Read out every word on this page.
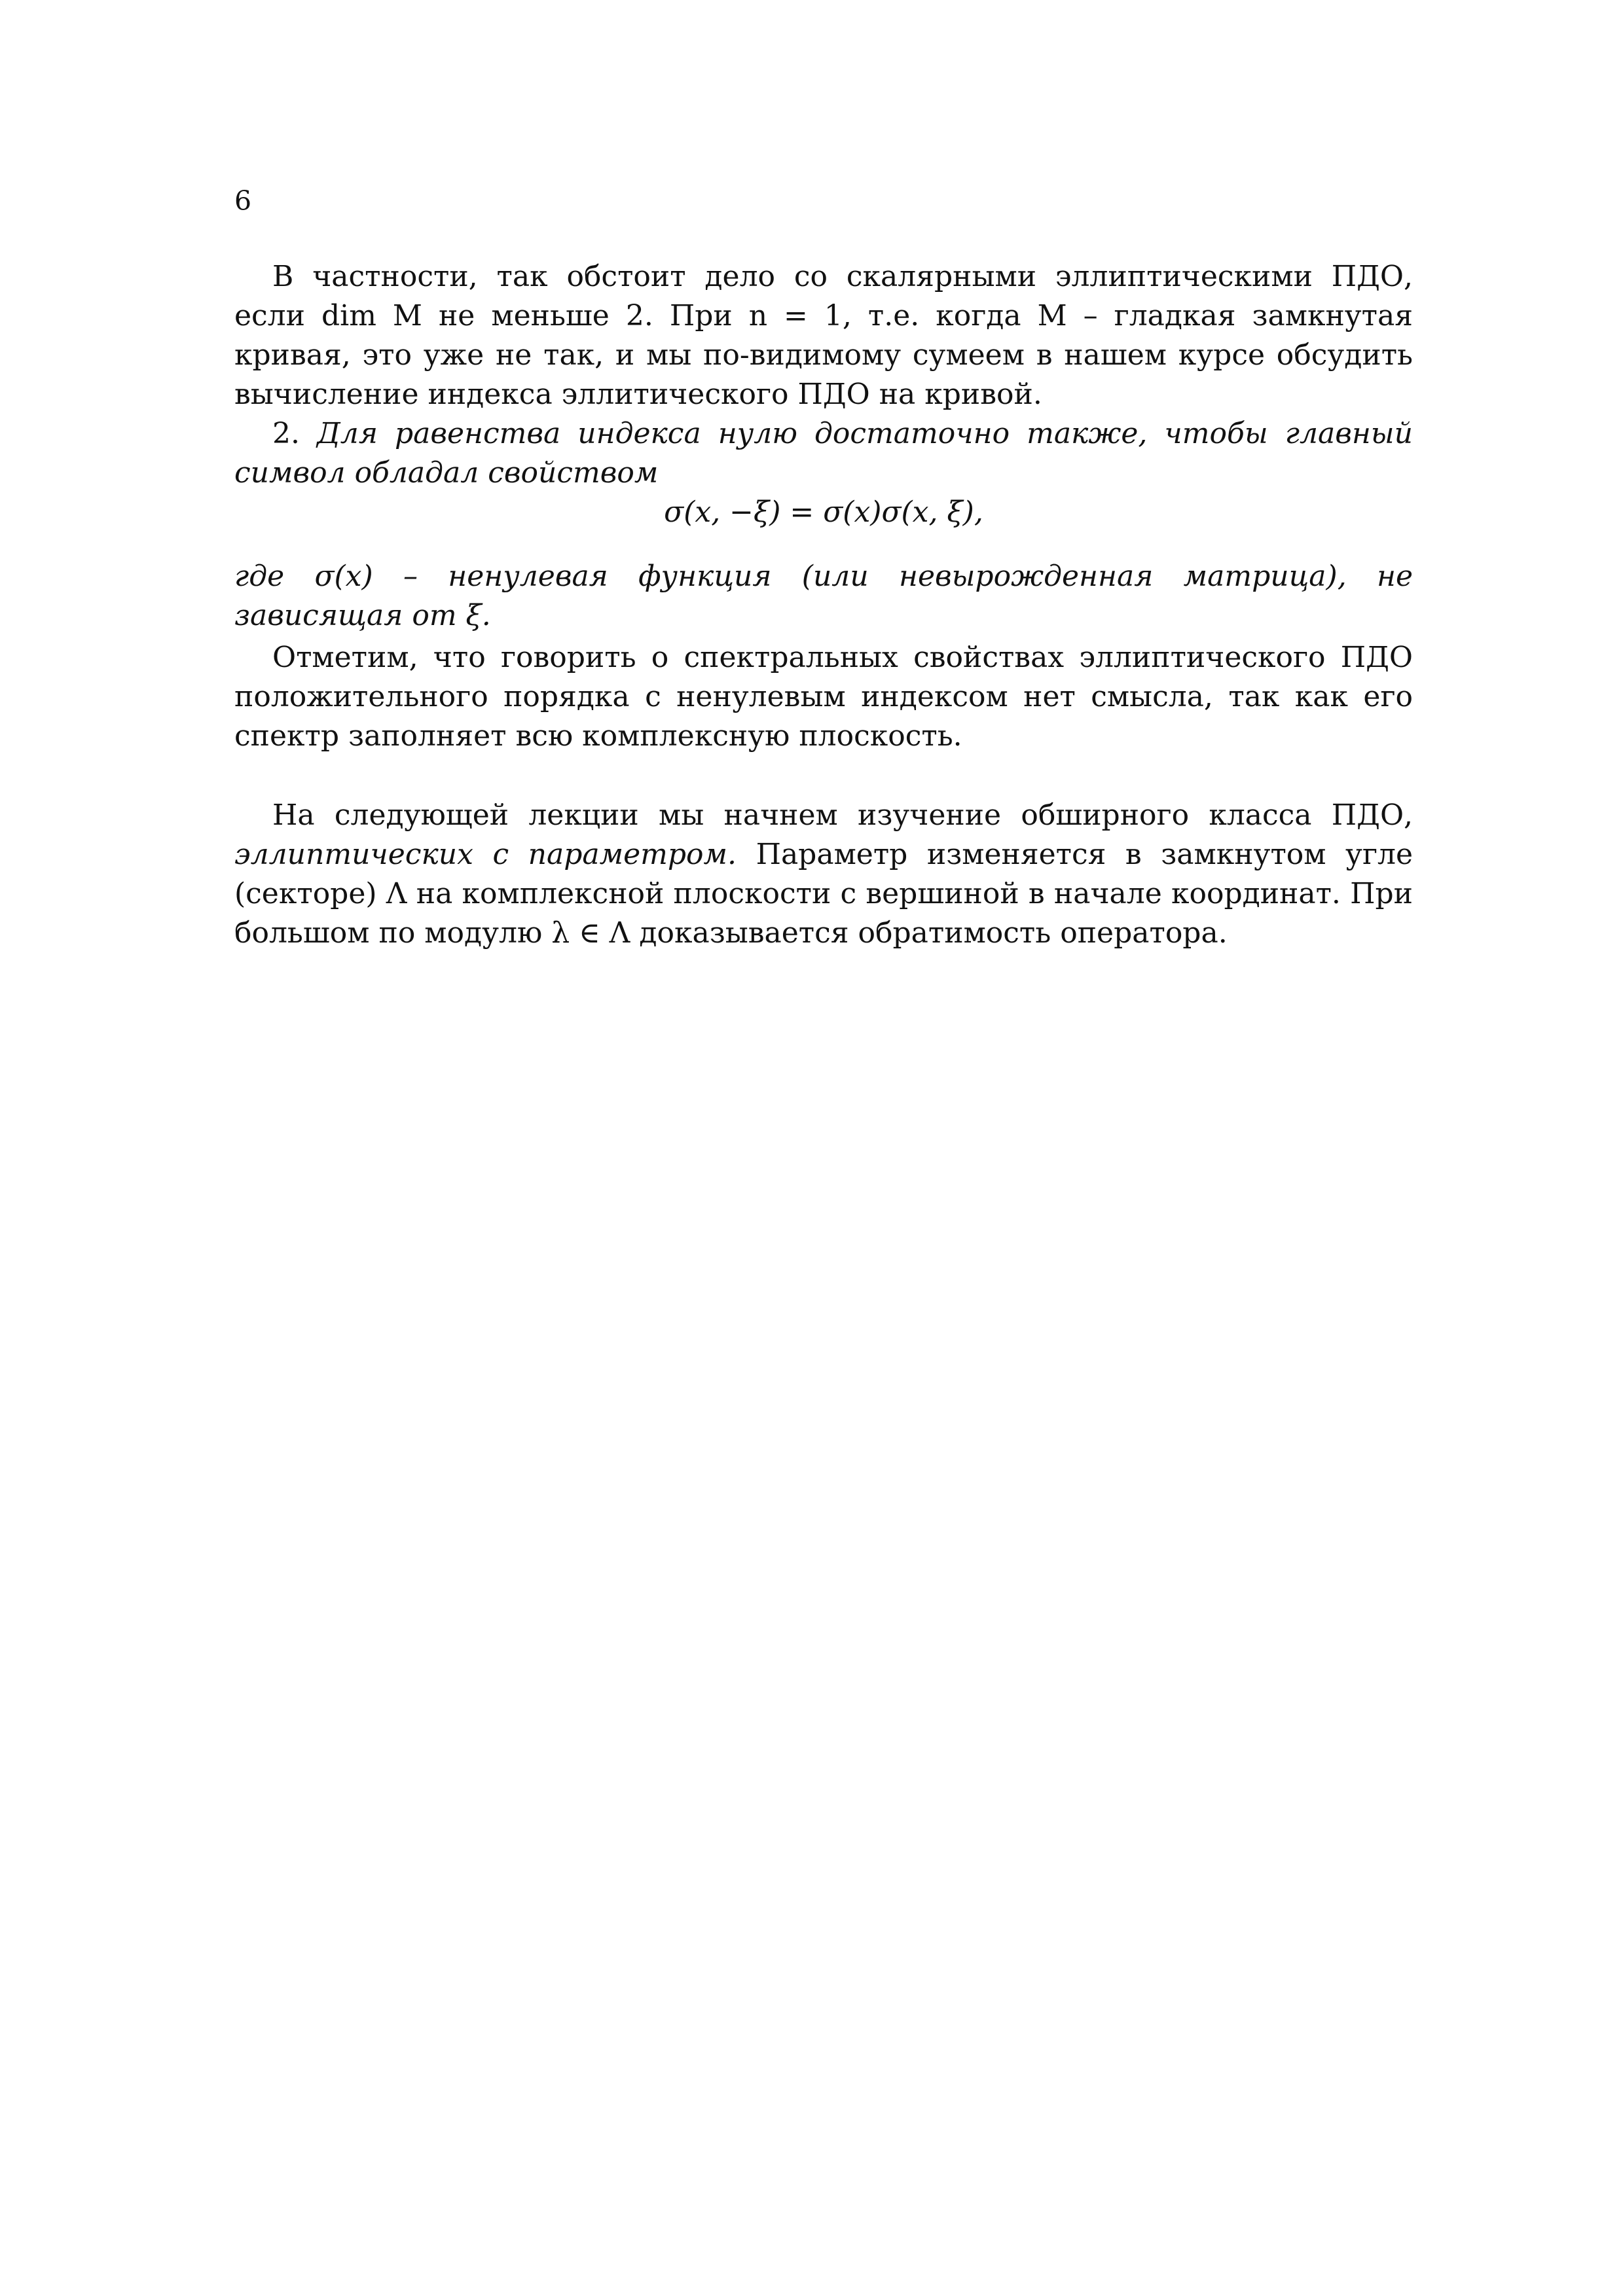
6

В частности, так обстоит дело со скалярными эллиптическими ПДО, если dim M не меньше 2. При n = 1, т.е. когда M – гладкая замкнутая кривая, это уже не так, и мы по-видимому сумеем в нашем курсе обсудить вычисление индекса эллитического ПДО на кривой.

2. Для равенства индекса нулю достаточно также, чтобы главный символ обладал свойством

σ(x, −ξ) = σ(x)σ(x, ξ),

где σ(x) – ненулевая функция (или невырожденная матрица), не зависящая от ξ.

Отметим, что говорить о спектральных свойствах эллиптического ПДО положительного порядка с ненулевым индексом нет смысла, так как его спектр заполняет всю комплексную плоскость.

На следующей лекции мы начнем изучение обширного класса ПДО, эллиптических с параметром. Параметр изменяется в замкнутом угле (секторе) Λ на комплексной плоскости с вершиной в начале координат. При большом по модулю λ ∈ Λ доказывается обратимость оператора.
